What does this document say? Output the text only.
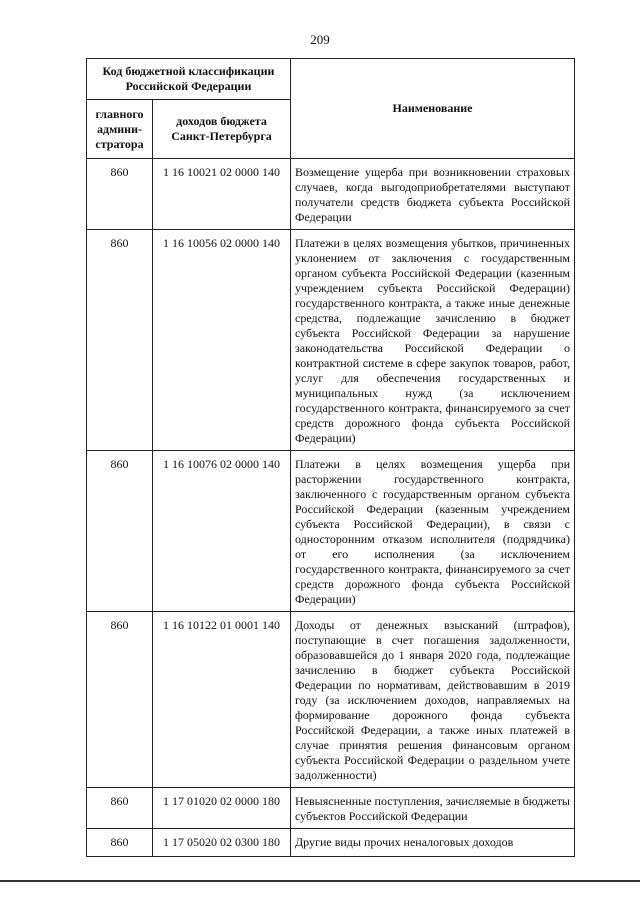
209
Код бюджетной классификации Российской Федерации		Наименование
главного админи-стратора	доходов бюджета Санкт-Петербурга	
860	1 16 10021 02 0000 140	Возмещение ущерба при возникновении страховых случаев, когда выгодоприобретателями выступают получатели средств бюджета субъекта Российской Федерации
860	1 16 10056 02 0000 140	Платежи в целях возмещения убытков, причиненных уклонением от заключения с государственным органом субъекта Российской Федерации (казенным учреждением субъекта Российской Федерации) государственного контракта, а также иные денежные средства, подлежащие зачислению в бюджет субъекта Российской Федерации за нарушение законодательства Российской Федерации о контрактной системе в сфере закупок товаров, работ, услуг для обеспечения государственных и муниципальных нужд (за исключением государственного контракта, финансируемого за счет средств дорожного фонда субъекта Российской Федерации)
860	1 16 10076 02 0000 140	Платежи в целях возмещения ущерба при расторжении государственного контракта, заключенного с государственным органом субъекта Российской Федерации (казенным учреждением субъекта Российской Федерации), в связи с односторонним отказом исполнителя (подрядчика) от его исполнения (за исключением государственного контракта, финансируемого за счет средств дорожного фонда субъекта Российской Федерации)
860	1 16 10122 01 0001 140	Доходы от денежных взысканий (штрафов), поступающие в счет погашения задолженности, образовавшейся до 1 января 2020 года, подлежащие зачислению в бюджет субъекта Российской Федерации по нормативам, действовавшим в 2019 году (за исключением доходов, направляемых на формирование дорожного фонда субъекта Российской Федерации, а также иных платежей в случае принятия решения финансовым органом субъекта Российской Федерации о раздельном учете задолженности)
860	1 17 01020 02 0000 180	Невыясненные поступления, зачисляемые в бюджеты субъектов Российской Федерации
860	1 17 05020 02 0300 180	Другие виды прочих неналоговых доходов
